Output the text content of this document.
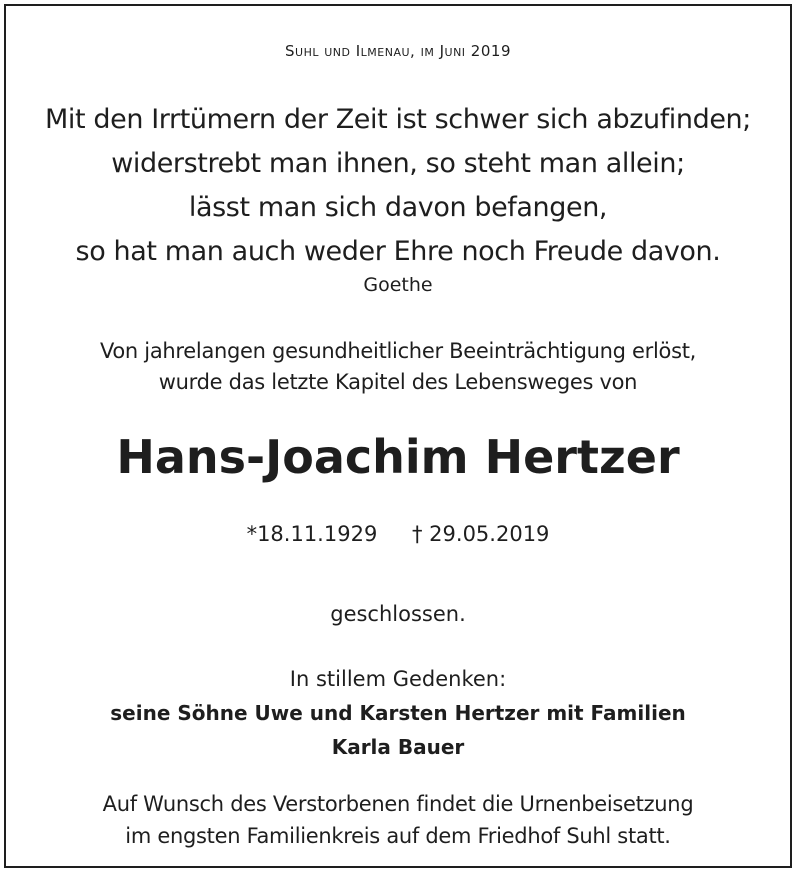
Suhl und Ilmenau, im Juni 2019
Mit den Irrtümern der Zeit ist schwer sich abzufinden;
widerstrebt man ihnen, so steht man allein;
lässt man sich davon befangen,
so hat man auch weder Ehre noch Freude davon.
Goethe
Von jahrelangen gesundheitlicher Beeinträchtigung erlöst,
wurde das letzte Kapitel des Lebensweges von
Hans-Joachim Hertzer
*18.11.1929 † 29.05.2019
geschlossen.
In stillem Gedenken:
seine Söhne Uwe und Karsten Hertzer mit Familien
Karla Bauer
Auf Wunsch des Verstorbenen findet die Urnenbeisetzung
im engsten Familienkreis auf dem Friedhof Suhl statt.
